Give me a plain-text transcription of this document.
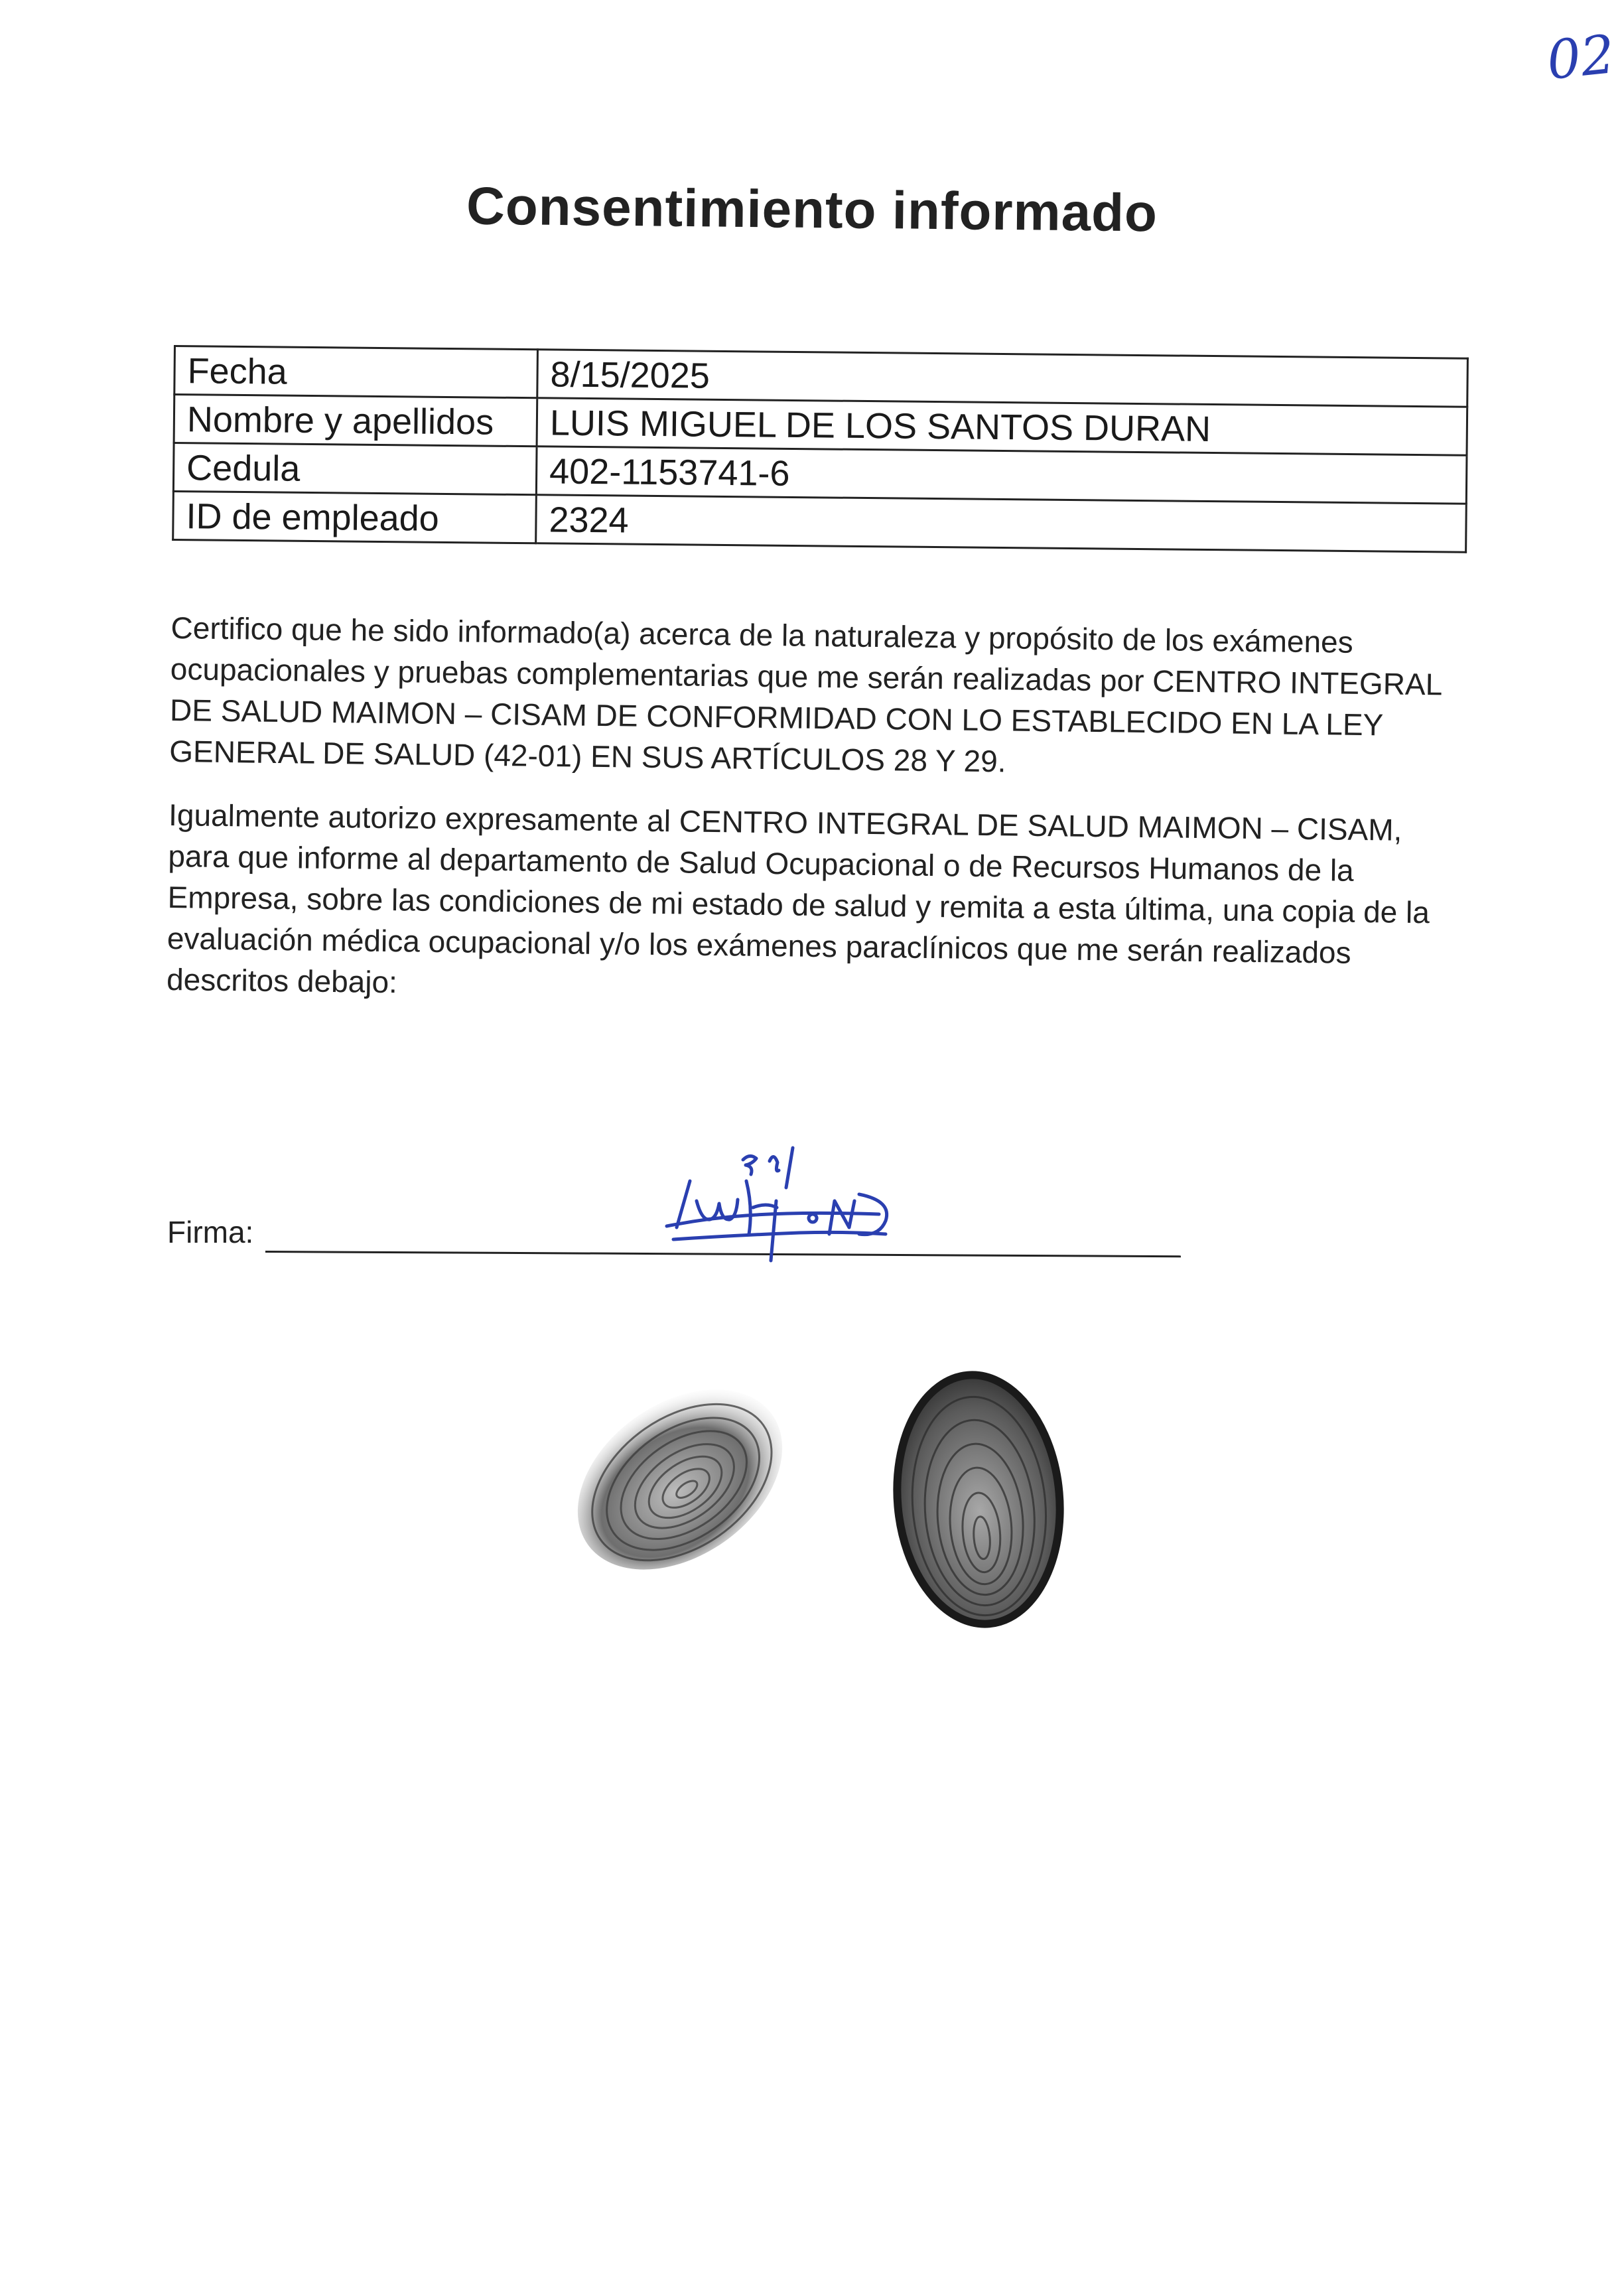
02
Consentimiento informado
Fecha	8/15/2025
Nombre y apellidos	LUIS MIGUEL DE LOS SANTOS DURAN
Cedula	402-1153741-6
ID de empleado	2324

Certifico que he sido informado(a) acerca de la naturaleza y propósito de los exámenes ocupacionales y pruebas complementarias que me serán realizadas por CENTRO INTEGRAL DE SALUD MAIMON – CISAM DE CONFORMIDAD CON LO ESTABLECIDO EN LA LEY GENERAL DE SALUD (42-01) EN SUS ARTÍCULOS 28 Y 29.

Igualmente autorizo expresamente al CENTRO INTEGRAL DE SALUD MAIMON – CISAM, para que informe al departamento de Salud Ocupacional o de Recursos Humanos de la Empresa, sobre las condiciones de mi estado de salud y remita a esta última, una copia de la evaluación médica ocupacional y/o los exámenes paraclínicos que me serán realizados descritos debajo:

Firma:
